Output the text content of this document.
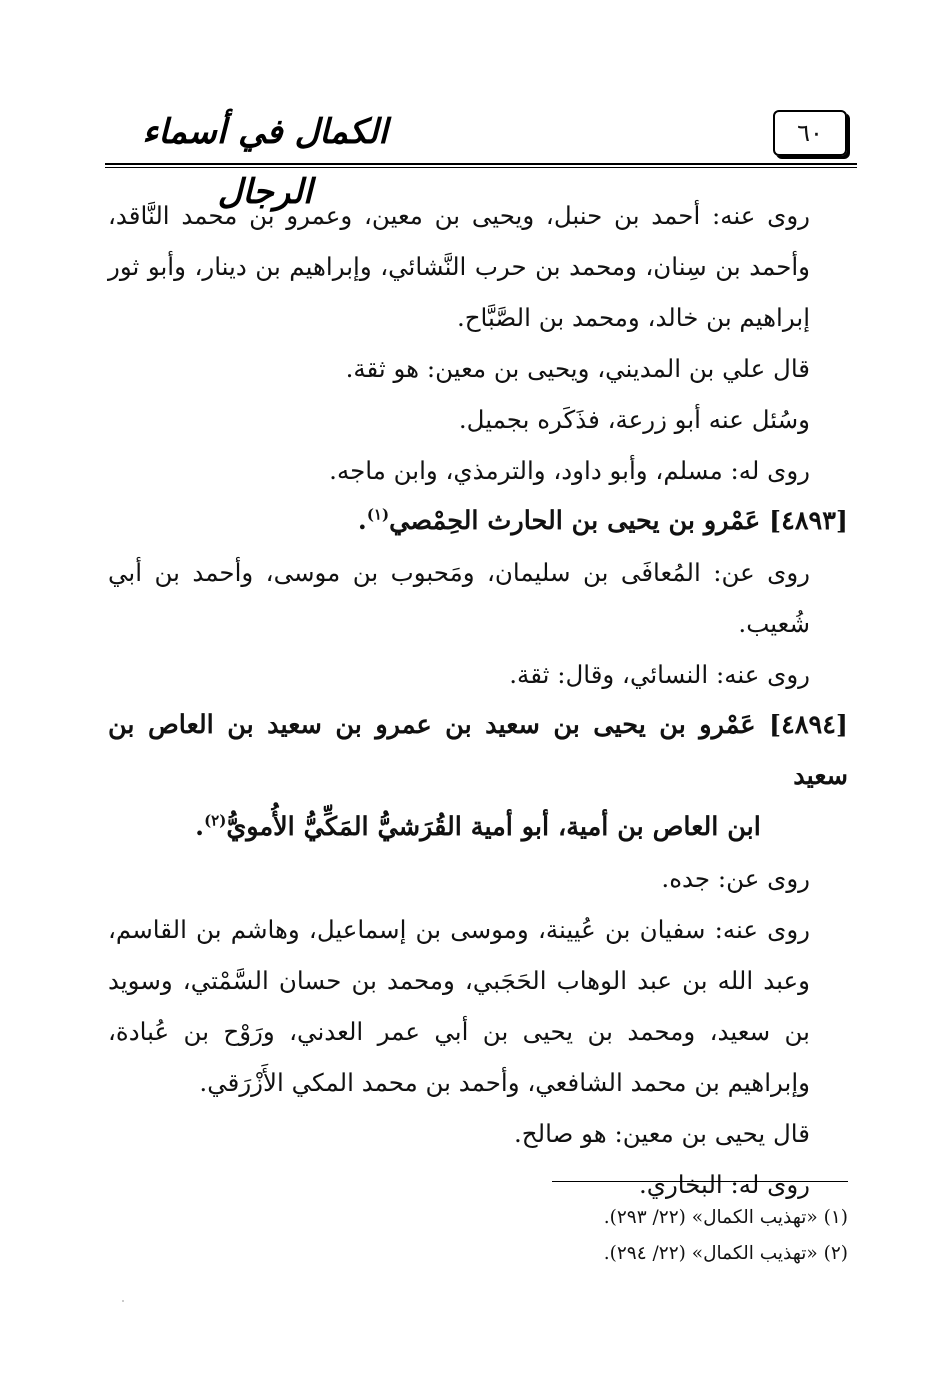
الكمال في أسماء الرجال
٦٠

روى عنه: أحمد بن حنبل، ويحيى بن معين، وعمرو بن محمد النَّاقد، وأحمد بن سِنان، ومحمد بن حرب النَّشائي، وإبراهيم بن دينار، وأبو ثور إبراهيم بن خالد، ومحمد بن الصَّبَّاح.

قال علي بن المديني، ويحيى بن معين: هو ثقة.

وسُئل عنه أبو زرعة، فذَكَره بجميل.

روى له: مسلم، وأبو داود، والترمذي، وابن ماجه.

[٤٨٩٣] عَمْرو بن يحيى بن الحارث الحِمْصي$^{(١)}$.

روى عن: المُعافَى بن سليمان، ومَحبوب بن موسى، وأحمد بن أبي شُعيب.

روى عنه: النسائي، وقال: ثقة.

[٤٨٩٤] عَمْرو بن يحيى بن سعيد بن عمرو بن سعيد بن العاص بن سعيد

ابن العاص بن أمية، أبو أمية القُرَشيُّ المَكِّيُّ الأُمويُّ$^{(٢)}$.

روى عن: جده.

روى عنه: سفيان بن عُيينة، وموسى بن إسماعيل، وهاشم بن القاسم، وعبد الله بن عبد الوهاب الحَجَبي، ومحمد بن حسان السَّمْتي، وسويد بن سعيد، ومحمد بن يحيى بن أبي عمر العدني، ورَوْح بن عُبادة، وإبراهيم بن محمد الشافعي، وأحمد بن محمد المكي الأَزْرَقي.

قال يحيى بن معين: هو صالح.

روى له: البخاري.

(١) «تهذيب الكمال» (٢٢/ ٢٩٣).

(٢) «تهذيب الكمال» (٢٢/ ٢٩٤).
